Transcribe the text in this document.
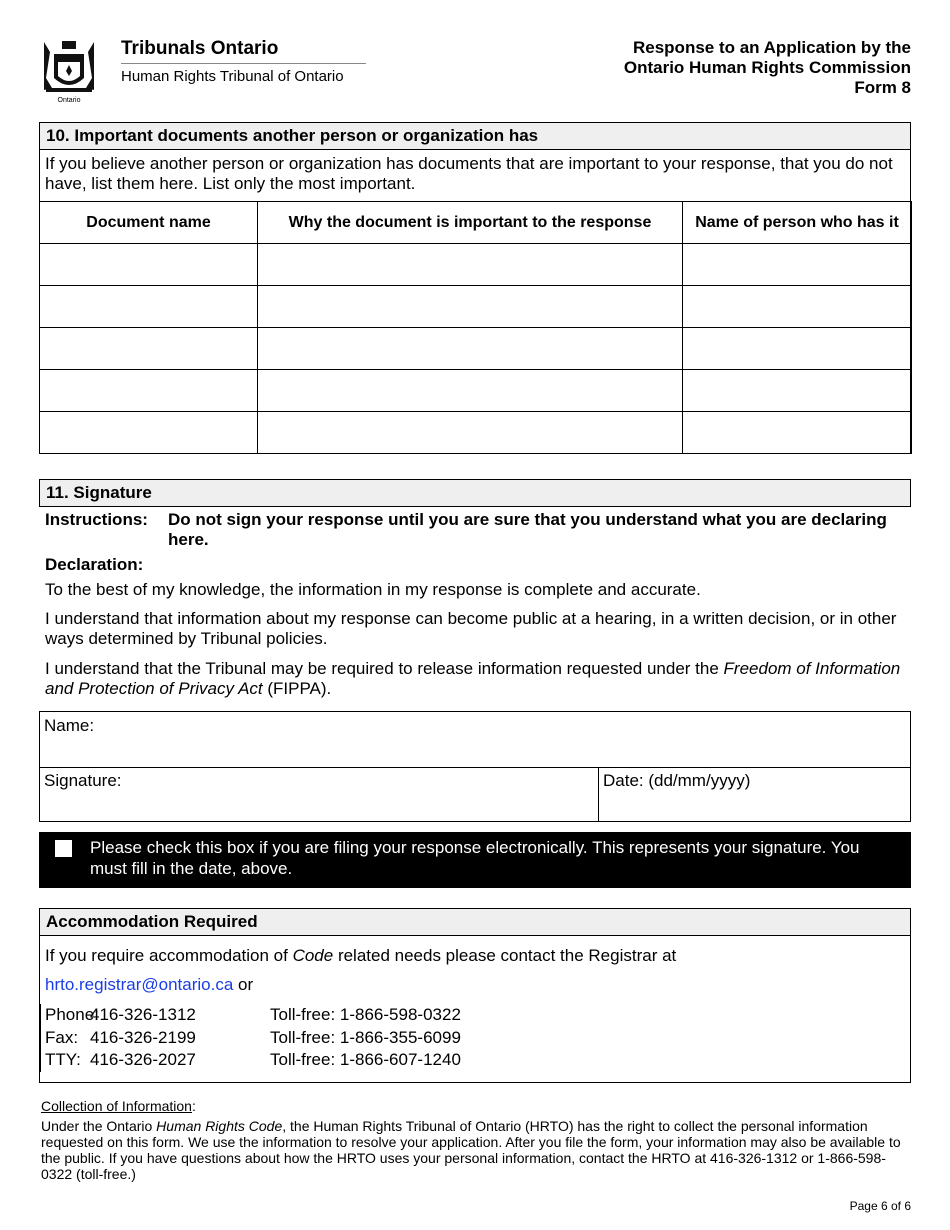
Ontario
Tribunals Ontario
Human Rights Tribunal of Ontario
Response to an Application by the
Ontario Human Rights Commission
Form 8
10. Important documents another person or organization has
If you believe another person or organization has documents that are important to your response, that you do not have, list them here. List only the most important.
Document name	Why the document is important to the response	Name of person who has it

11. Signature
Instructions: Do not sign your response until you are sure that you understand what you are declaring here.
Declaration:
To the best of my knowledge, the information in my response is complete and accurate.
I understand that information about my response can become public at a hearing, in a written decision, or in other ways determined by Tribunal policies.
I understand that the Tribunal may be required to release information requested under the Freedom of Information and Protection of Privacy Act (FIPPA).
Name:
Signature:	Date: (dd/mm/yyyy)
Please check this box if you are filing your response electronically. This represents your signature. You must fill in the date, above.
Accommodation Required
If you require accommodation of Code related needs please contact the Registrar at
hrto.registrar@ontario.ca or
Phone:416-326-1312	Toll-free: 1-866-598-0322
Fax: 416-326-2199	Toll-free: 1-866-355-6099
TTY: 416-326-2027	Toll-free: 1-866-607-1240
Collection of Information:
Under the Ontario Human Rights Code, the Human Rights Tribunal of Ontario (HRTO) has the right to collect the personal information requested on this form. We use the information to resolve your application. After you file the form, your information may also be available to the public. If you have questions about how the HRTO uses your personal information, contact the HRTO at 416-326-1312 or 1-866-598-0322 (toll-free.)
Page 6 of 6
